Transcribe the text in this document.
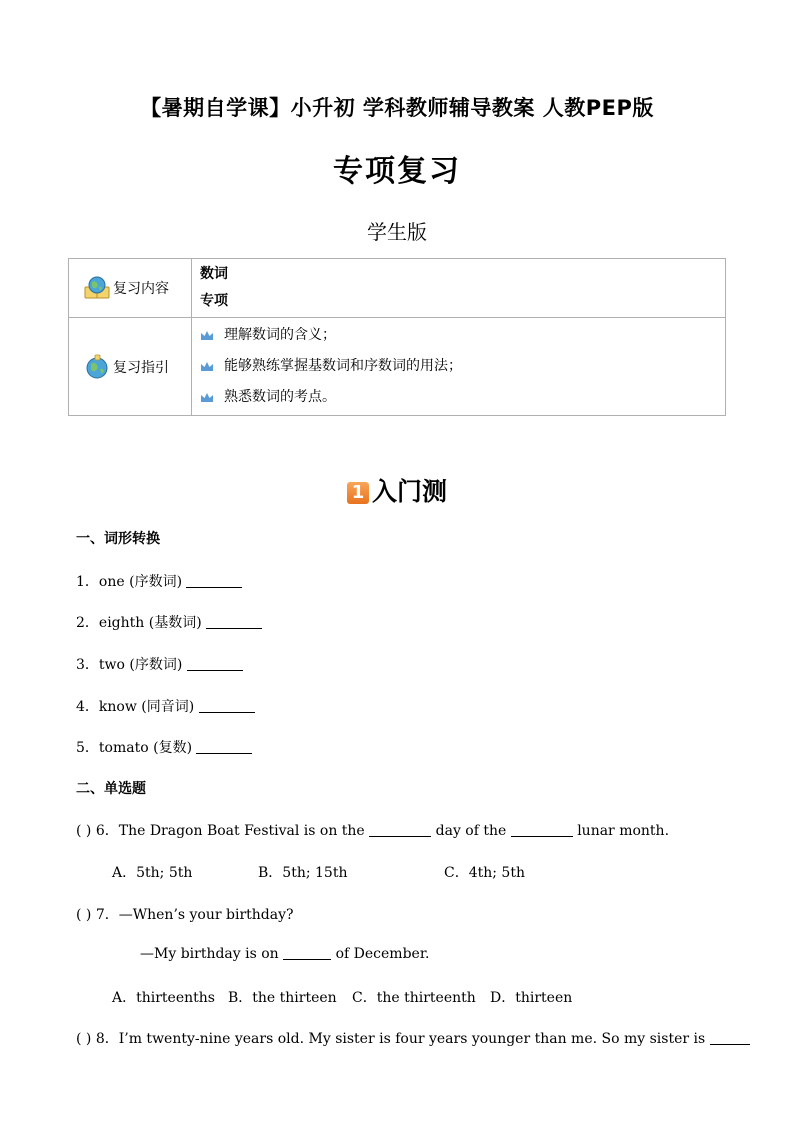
【暑期自学课】小升初 学科教师辅导教案 人教PEP版
专项复习
学生版
复习内容	数词
专项

复习指引	理解数词的含义；
能够熟练掌握基数词和序数词的用法；
熟悉数词的考点。
1 入门测
一、词形转换
1．one (序数词)
2．eighth (基数词)
3．two (序数词)
4．know (同音词)
5．tomato (复数)
二、单选题
( ) 6．The Dragon Boat Festival is on the	day of the	lunar month.
A．5th; 5th	B．5th; 15th	C．4th; 5th
( ) 7．—When’s your birthday?
—My birthday is on	of December.
A．thirteenths B．the thirteen C．the thirteenth D．thirteen
( ) 8．I’m twenty-nine years old. My sister is four years younger than me. So my sister is
